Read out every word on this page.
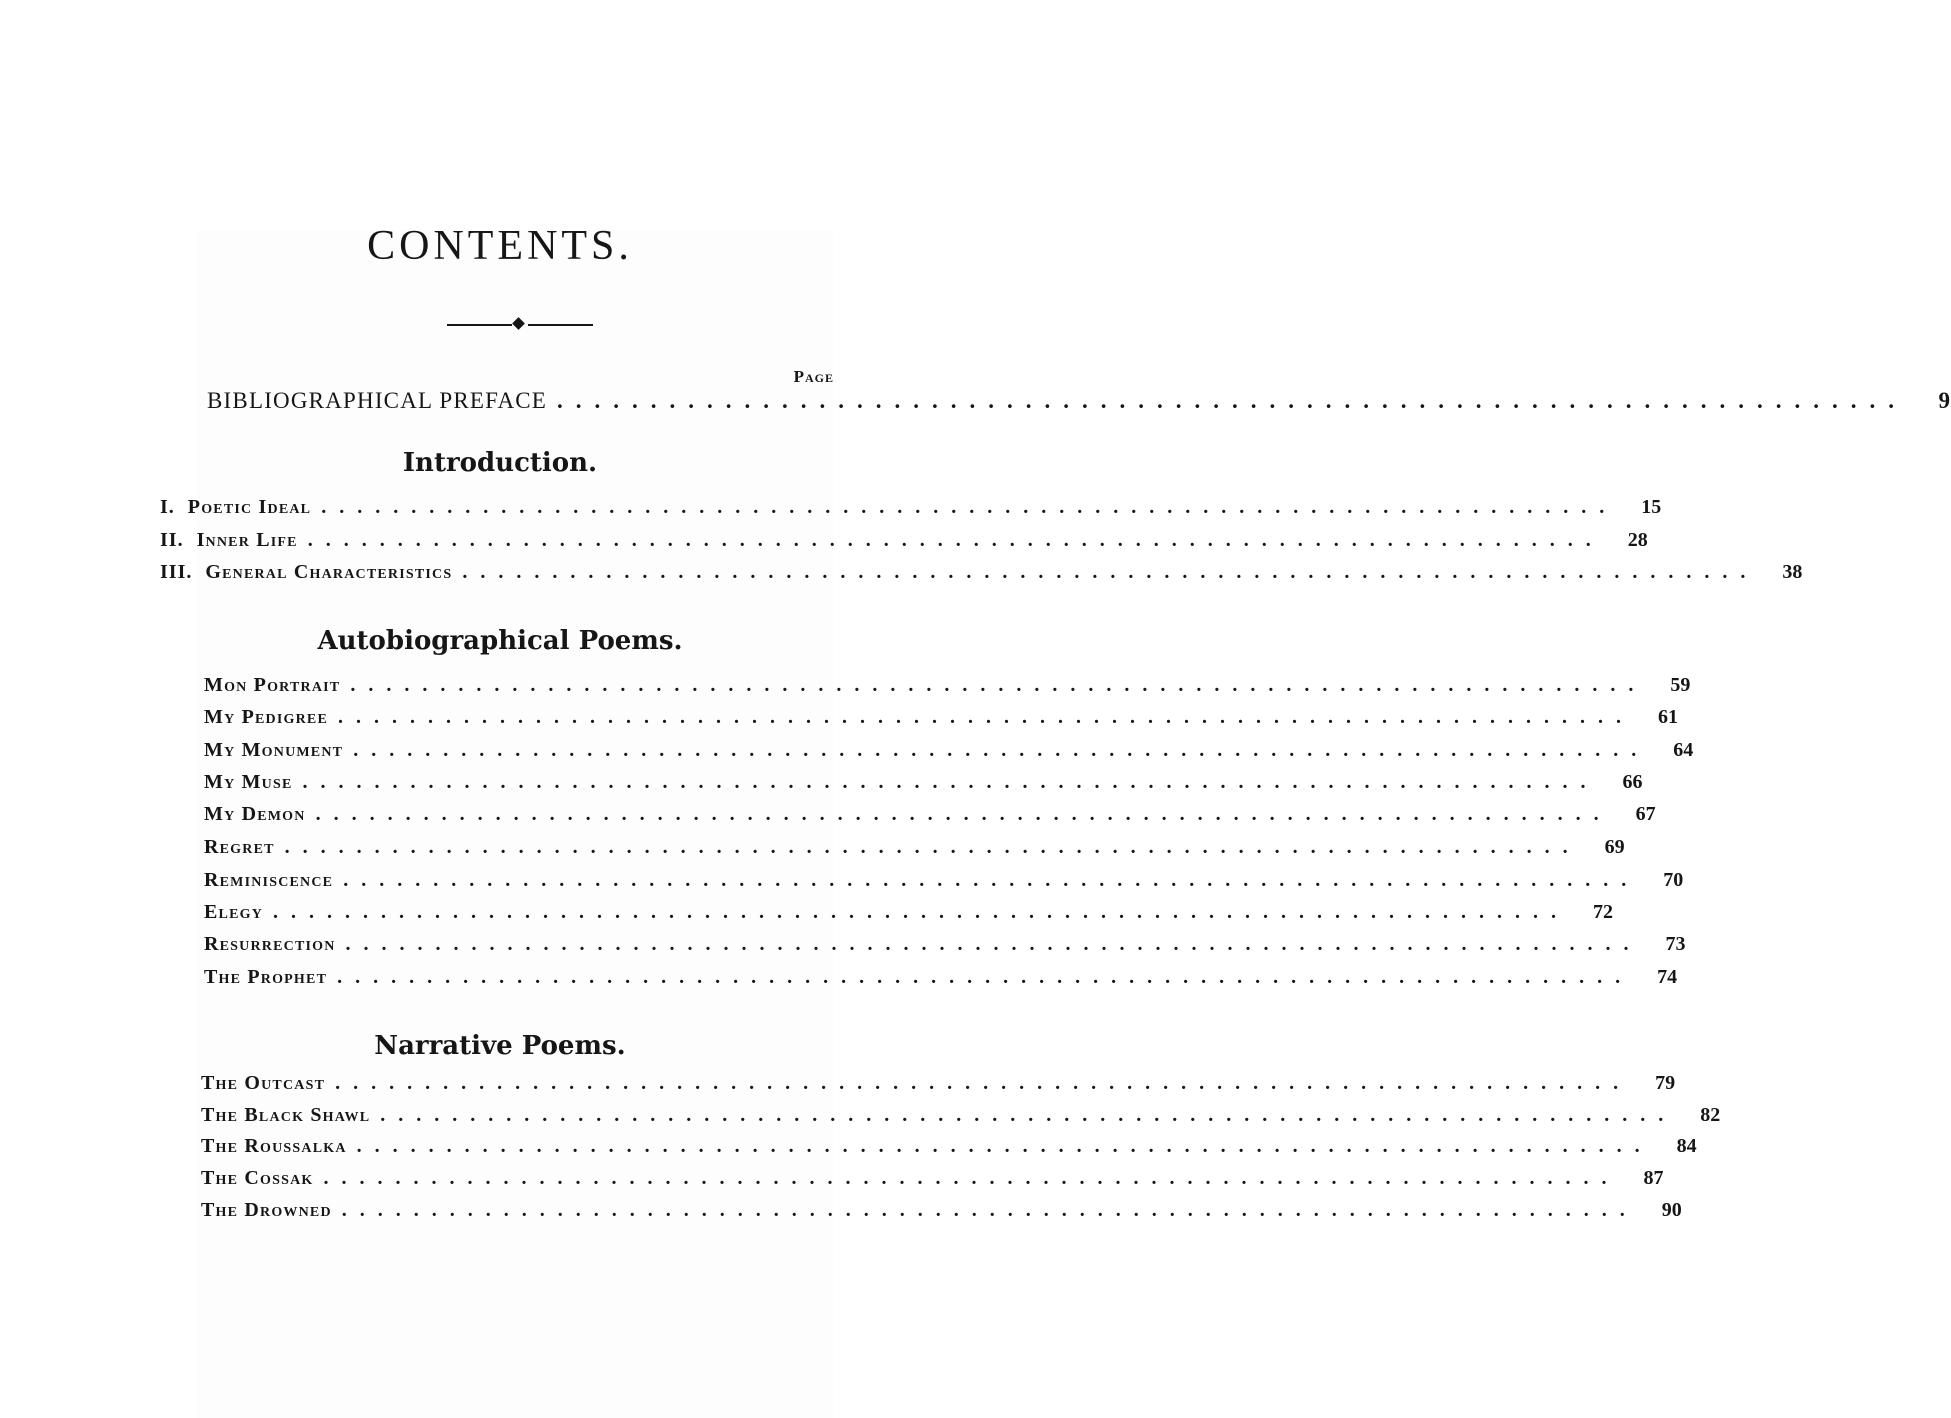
CONTENTS.
Page
BIBLIOGRAPHICAL PREFACE ........................................................................	9
Introduction.
I. Poetic Ideal ........................................................................ 15
II. Inner Life ........................................................................ 28
III. General Characteristics ........................................................................ 38
Autobiographical Poems.
Mon Portrait ........................................................................ 59
My Pedigree ........................................................................ 61
My Monument ........................................................................ 64
My Muse ........................................................................ 66
My Demon ........................................................................ 67
Regret ........................................................................ 69
Reminiscence ........................................................................ 70
Elegy ........................................................................ 72
Resurrection ........................................................................ 73
The Prophet ........................................................................ 74
Narrative Poems.
The Outcast ........................................................................ 79
The Black Shawl ........................................................................ 82
The Roussalka ........................................................................ 84
The Cossak ........................................................................ 87
The Drowned ........................................................................ 90
